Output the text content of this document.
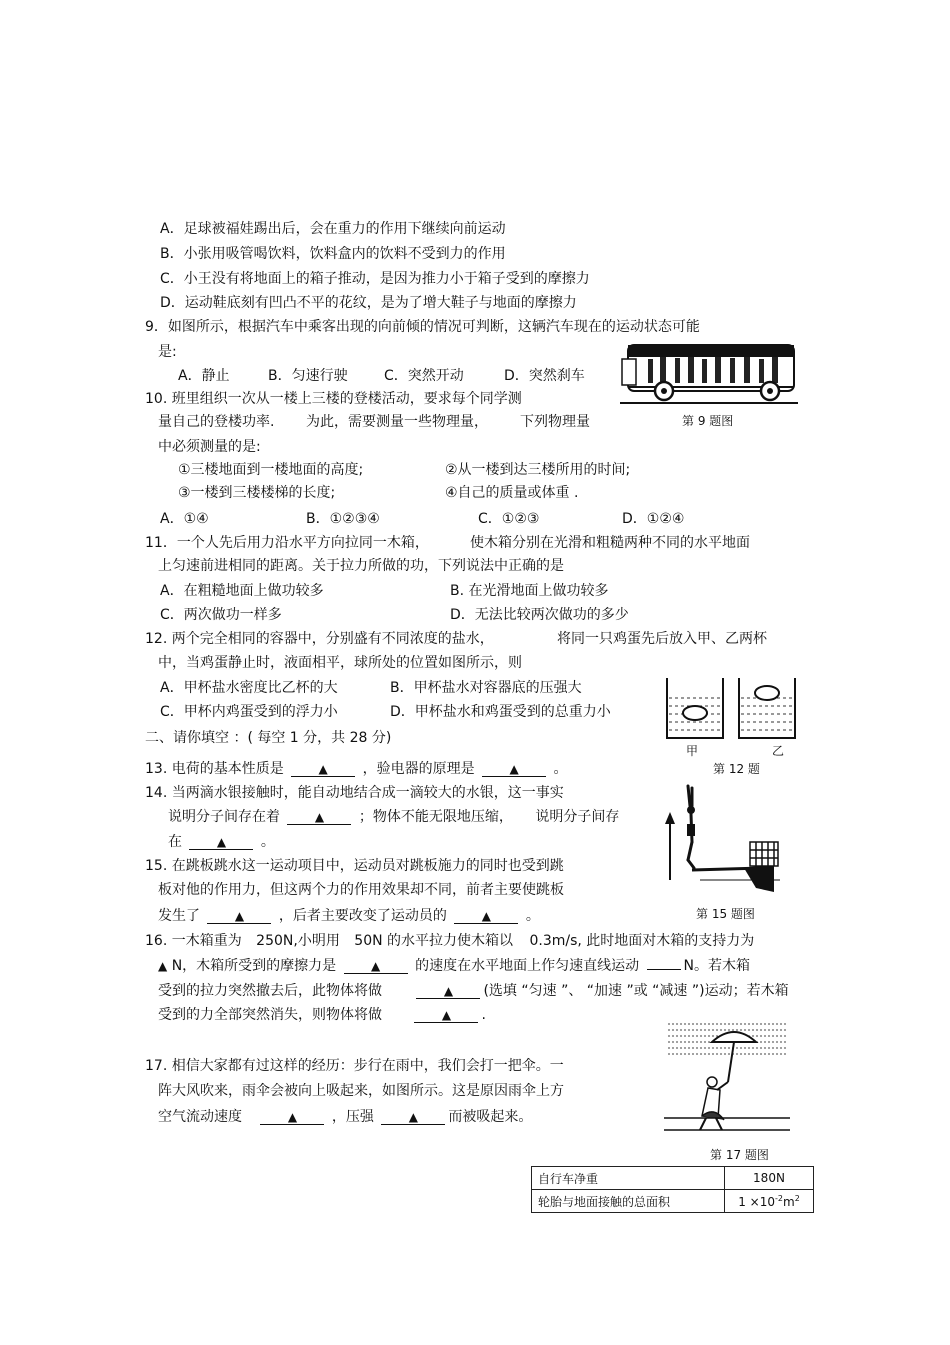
A．足球被福娃踢出后，会在重力的作用下继续向前运动
B．小张用吸管喝饮料，饮料盒内的饮料不受到力的作用
C．小王没有将地面上的箱子推动，是因为推力小于箱子受到的摩擦力
D．运动鞋底刻有凹凸不平的花纹，是为了增大鞋子与地面的摩擦力
9．如图所示，根据汽车中乘客出现的向前倾的情况可判断，这辆汽车现在的运动状态可能
是:
A．静止	B．匀速行驶	C．突然开动	D．突然刹车
第 9 题图
10. 班里组织一次从一楼上三楼的登楼活动，要求每个同学测
量自己的登楼功率. 为此，需要测量一些物理量， 下列物理量
中必须测量的是:
①三楼地面到一楼地面的高度;	②从一楼到达三楼所用的时间;
③一楼到三楼楼梯的长度;	④自己的质量或体重 .
A．①④	B．①②③④	C．①②③	D．①②④
11．一个人先后用力沿水平方向拉同一木箱，	使木箱分别在光滑和粗糙两种不同的水平地面
上匀速前进相同的距离。关于拉力所做的功，下列说法中正确的是
A．在粗糙地面上做功较多	B. 在光滑地面上做功较多
C．两次做功一样多	D．无法比较两次做功的多少
12. 两个完全相同的容器中，分别盛有不同浓度的盐水，	将同一只鸡蛋先后放入甲、乙两杯
中，当鸡蛋静止时，液面相平，球所处的位置如图所示，则
A．甲杯盐水密度比乙杯的大	B．甲杯盐水对容器底的压强大
C．甲杯内鸡蛋受到的浮力小	D．甲杯盐水和鸡蛋受到的总重力小
甲	乙
第 12 题
二、请你填空 ：( 每空 1 分，共 28 分)
13. 电荷的基本性质是	▲ ，验电器的原理是	▲ 。
14. 当两滴水银接触时，能自动地结合成一滴较大的水银，这一事实
说明分子间存在着	▲ ；物体不能无限地压缩， 说明分子间存
在	▲ 。
第 15 题图
15. 在跳板跳水这一运动项目中，运动员对跳板施力的同时也受到跳
板对他的作用力，但这两个力的作用效果却不同，前者主要使跳板
发生了	▲ ，后者主要改变了运动员的	▲ 。
16. 一木箱重为 250N,小明用 50N 的水平拉力使木箱以 0.3m/s, 此时地面对木箱的支持力为
▲ N，木箱所受到的摩擦力是	▲ 的速度在水平地面上作匀速直线运动	N。若木箱
受到的拉力突然撤去后，此物体将做	▲ (选填 “匀速 ”、 “加速 ”或 “减速 ”)运动；若木箱
受到的力全部突然消失，则物体将做	▲ .
第 17 题图
17. 相信大家都有过这样的经历：步行在雨中，我们会打一把伞。一
阵大风吹来，雨伞会被向上吸起来，如图所示。这是原因雨伞上方
空气流动速度	▲ ，压强	▲ 而被吸起来。
自行车净重	180N
轮胎与地面接触的总面积	$1 \times 10^{-2}m^2$
